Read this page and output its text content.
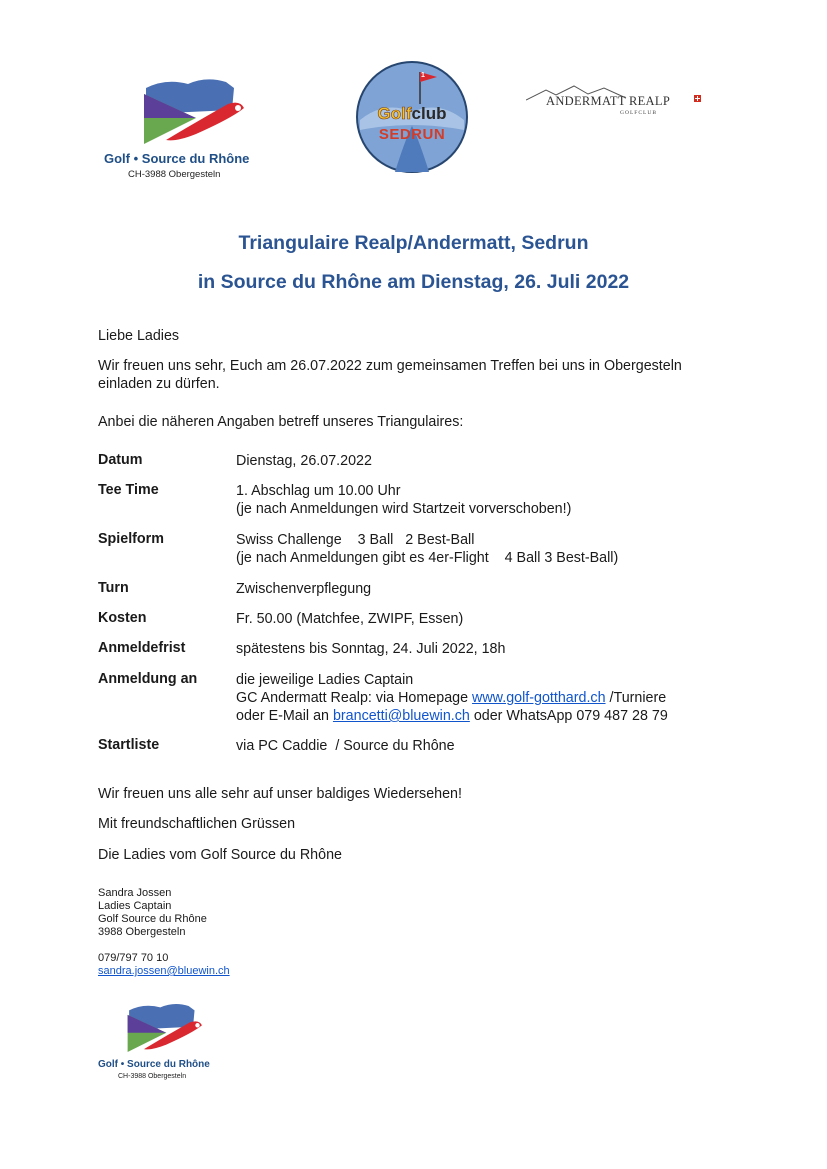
Golf • Source du Rhône
CH-3988 Obergesteln
1
Golfclub
SEDRUN
ANDERMATT REALP
GOLFCLUB
Triangulaire Realp/Andermatt, Sedrun
in Source du Rhône am Dienstag, 26. Juli 2022
Liebe Ladies
Wir freuen uns sehr, Euch am 26.07.2022 zum gemeinsamen Treffen bei uns in Obergesteln
einladen zu dürfen.
Anbei die näheren Angaben betreff unseres Triangulaires:
Datum	Dienstag, 26.07.2022
Tee Time	1. Abschlag um 10.00 Uhr
(je nach Anmeldungen wird Startzeit vorverschoben!)
Spielform	Swiss Challenge    3 Ball   2 Best-Ball
(je nach Anmeldungen gibt es 4er-Flight    4 Ball 3 Best-Ball)
Turn	Zwischenverpflegung
Kosten	Fr. 50.00 (Matchfee, ZWIPF, Essen)
Anmeldefrist	spätestens bis Sonntag, 24. Juli 2022, 18h
Anmeldung an	die jeweilige Ladies Captain
GC Andermatt Realp: via Homepage www.golf-gotthard.ch /Turniere
oder E-Mail an brancetti@bluewin.ch oder WhatsApp 079 487 28 79
Startliste	via PC Caddie  / Source du Rhône
Wir freuen uns alle sehr auf unser baldiges Wiedersehen!
Mit freundschaftlichen Grüssen
Die Ladies vom Golf Source du Rhône
Sandra Jossen
Ladies Captain
Golf Source du Rhône
3988 Obergesteln
079/797 70 10
sandra.jossen@bluewin.ch
Golf • Source du Rhône
CH-3988 Obergesteln
